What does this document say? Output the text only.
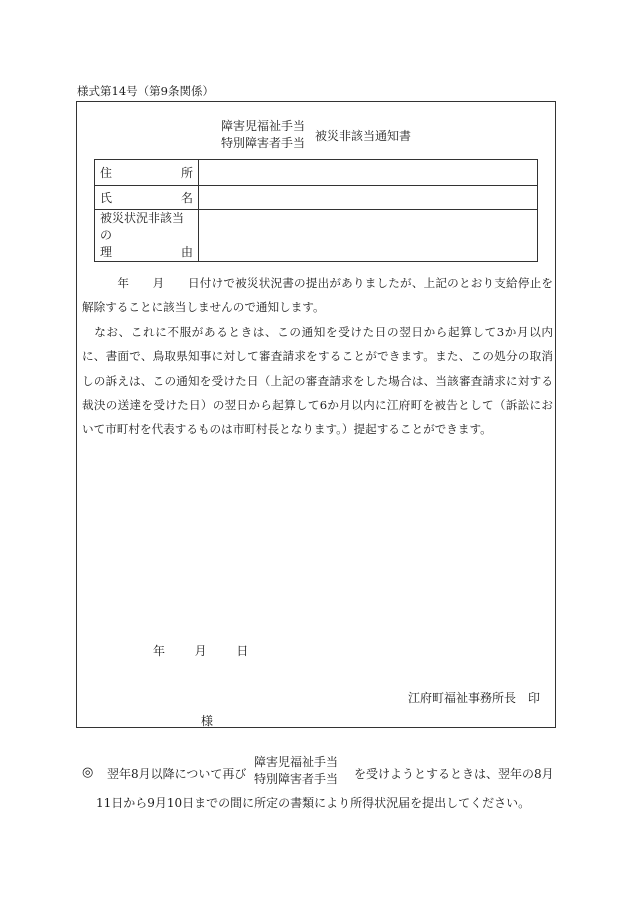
様式第14号（第9条関係）
障害児福祉手当
特別障害者手当 被災非該当通知書
住 所	

氏 名	

被災状況非該当の
理 由	

　　　年　　月　　日付けで被災状況書の提出がありましたが、上記のとおり支給停止を解除することに該当しませんので通知します。

　なお、これに不服があるときは、この通知を受けた日の翌日から起算して3か月以内に、書面で、鳥取県知事に対して審査請求をすることができます。また、この処分の取消しの訴えは、この通知を受けた日（上記の審査請求をした場合は、当該審査請求に対する裁決の送達を受けた日）の翌日から起算して6か月以内に江府町を被告として（訴訟において市町村を代表するものは市町村長となります。）提起することができます。

年 月 日
江府町福祉事務所長　印
様
◎ 翌年8月以降について再び
障害児福祉手当
特別障害者手当 を受けようとするときは、翌年の8月
11日から9月10日までの間に所定の書類により所得状況届を提出してください。
